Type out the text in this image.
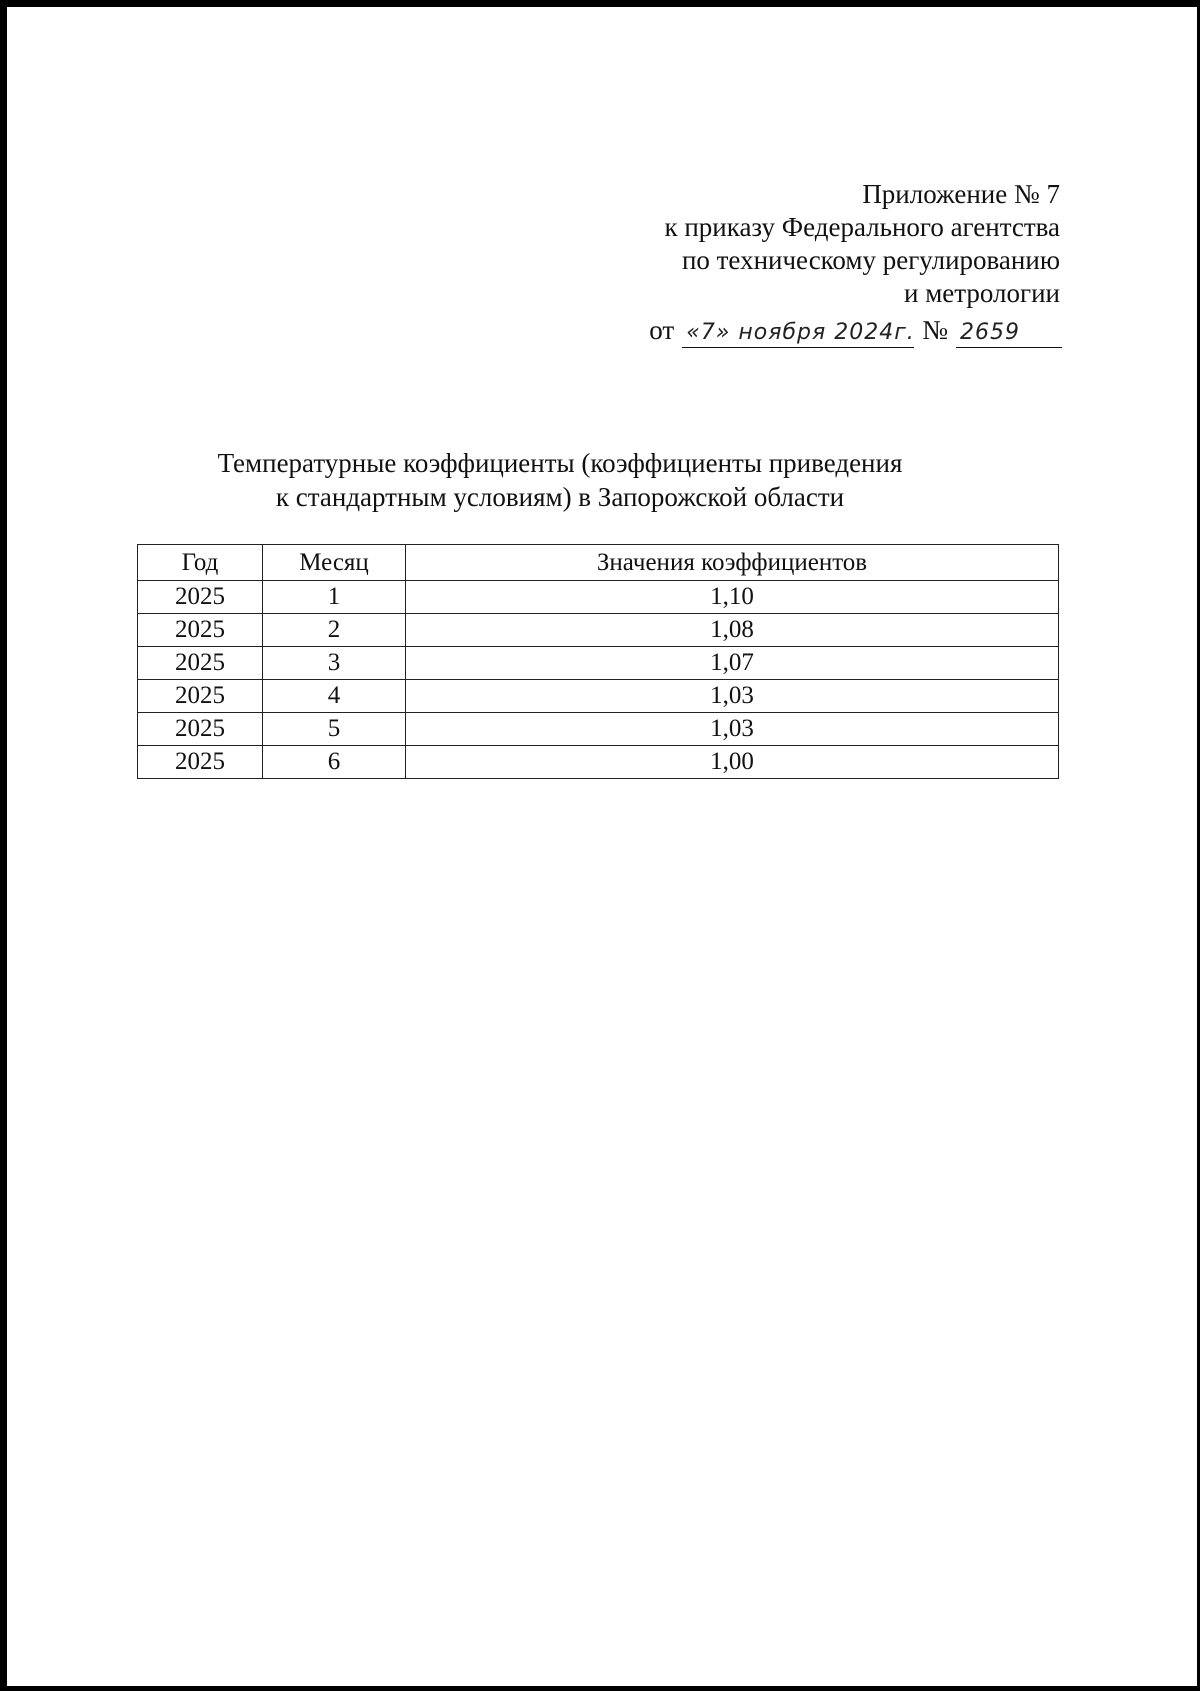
Приложение № 7
к приказу Федерального агентства
по техническому регулированию
и метрологии
от «7» ноября 2024г. № 2659
Температурные коэффициенты (коэффициенты приведения
к стандартным условиям) в Запорожской области
Год	Месяц	Значения коэффициентов
2025	1	1,10
2025	2	1,08
2025	3	1,07
2025	4	1,03
2025	5	1,03
2025	6	1,00
